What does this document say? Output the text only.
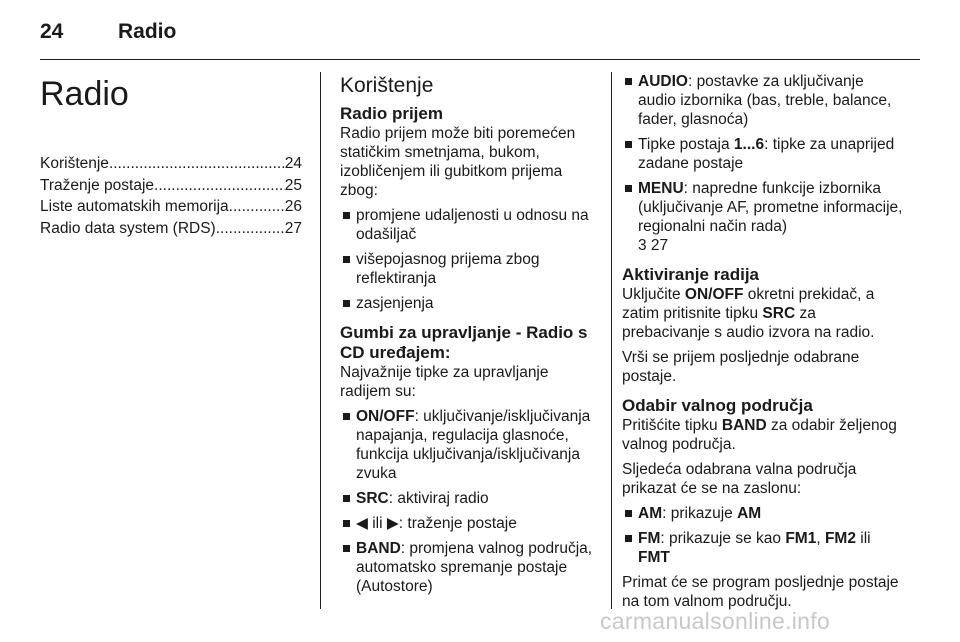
24	Radio
Radio
Korištenje .....	24
Traženje postaje .....	25
Liste automatskih memorija .....	26
Radio data system (RDS) .....	27
Korištenje
Radio prijem

Radio prijem može biti poremećen statičkim smetnjama, bukom, izobličenjem ili gubitkom prijema zbog:

promjene udaljenosti u odnosu na odašiljač
višepojasnog prijema zbog reflektiranja
zasjenjenja
Gumbi za upravljanje - Radio s CD uređajem:

Najvažnije tipke za upravljanje radijem su:

ON/OFF: uključivanje/isključivanja napajanja, regulacija glasnoće, funkcija uključivanja/isključivanja zvuka
SRC: aktiviraj radio
◀ ili ▶: traženje postaje
BAND: promjena valnog područja, automatsko spremanje postaje (Autostore)
AUDIO: postavke za uključivanje audio izbornika (bas, treble, balance, fader, glasnoća)
Tipke postaja 1...6: tipke za unaprijed zadane postaje
MENU: napredne funkcije izbornika (uključivanje AF, prometne informacije, regionalni način rada)
3 27
Aktiviranje radija

Uključite ON/OFF okretni prekidač, a zatim pritisnite tipku SRC za prebacivanje s audio izvora na radio.

Vrši se prijem posljednje odabrane postaje.

Odabir valnog područja

Pritišćite tipku BAND za odabir željenog valnog područja.

Sljedeća odabrana valna područja prikazat će se na zaslonu:

AM: prikazuje AM
FM: prikazuje se kao FM1, FM2 ili FMT

Primat će se program posljednje postaje na tom valnom području.

carmanualsonline.info
